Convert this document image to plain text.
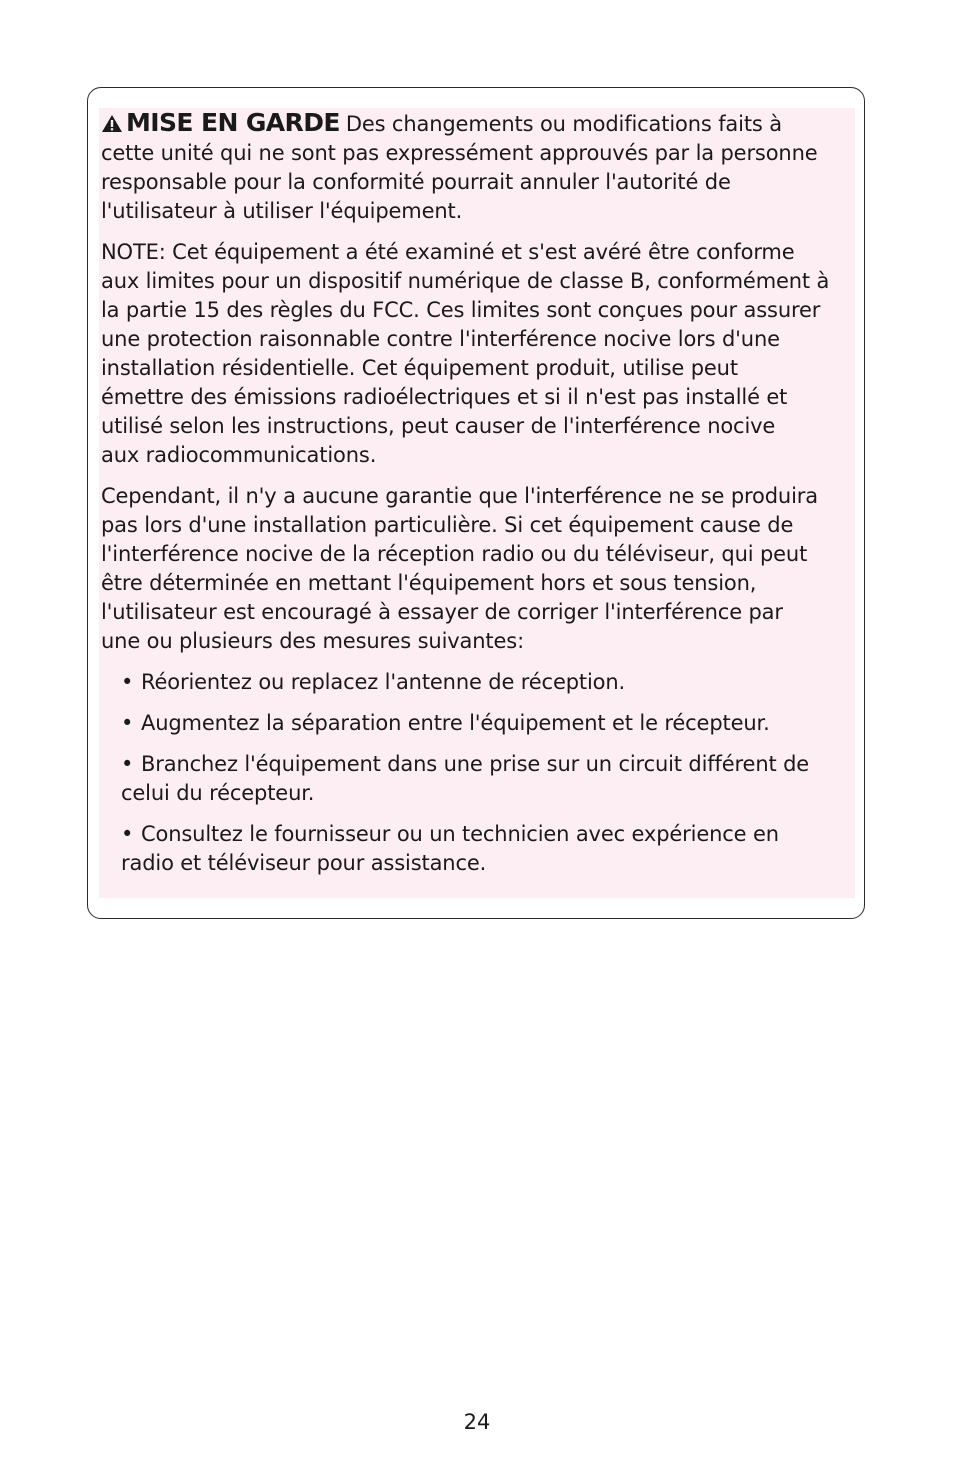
MISE EN GARDE Des changements ou modifications faits à
cette unité qui ne sont pas expressément approuvés par la personne
responsable pour la conformité pourrait annuler l'autorité de
l'utilisateur à utiliser l'équipement.
NOTE: Cet équipement a été examiné et s'est avéré être conforme
aux limites pour un dispositif numérique de classe B, conformément à
la partie 15 des règles du FCC. Ces limites sont conçues pour assurer
une protection raisonnable contre l'interférence nocive lors d'une
installation résidentielle. Cet équipement produit, utilise peut
émettre des émissions radioélectriques et si il n'est pas installé et
utilisé selon les instructions, peut causer de l'interférence nocive
aux radiocommunications.
Cependant, il n'y a aucune garantie que l'interférence ne se produira
pas lors d'une installation particulière. Si cet équipement cause de
l'interférence nocive de la réception radio ou du téléviseur, qui peut
être déterminée en mettant l'équipement hors et sous tension,
l'utilisateur est encouragé à essayer de corriger l'interférence par
une ou plusieurs des mesures suivantes:
• Réorientez ou replacez l'antenne de réception.
• Augmentez la séparation entre l'équipement et le récepteur.
• Branchez l'équipement dans une prise sur un circuit différent de
celui du récepteur.
• Consultez le fournisseur ou un technicien avec expérience en
radio et téléviseur pour assistance.
24
